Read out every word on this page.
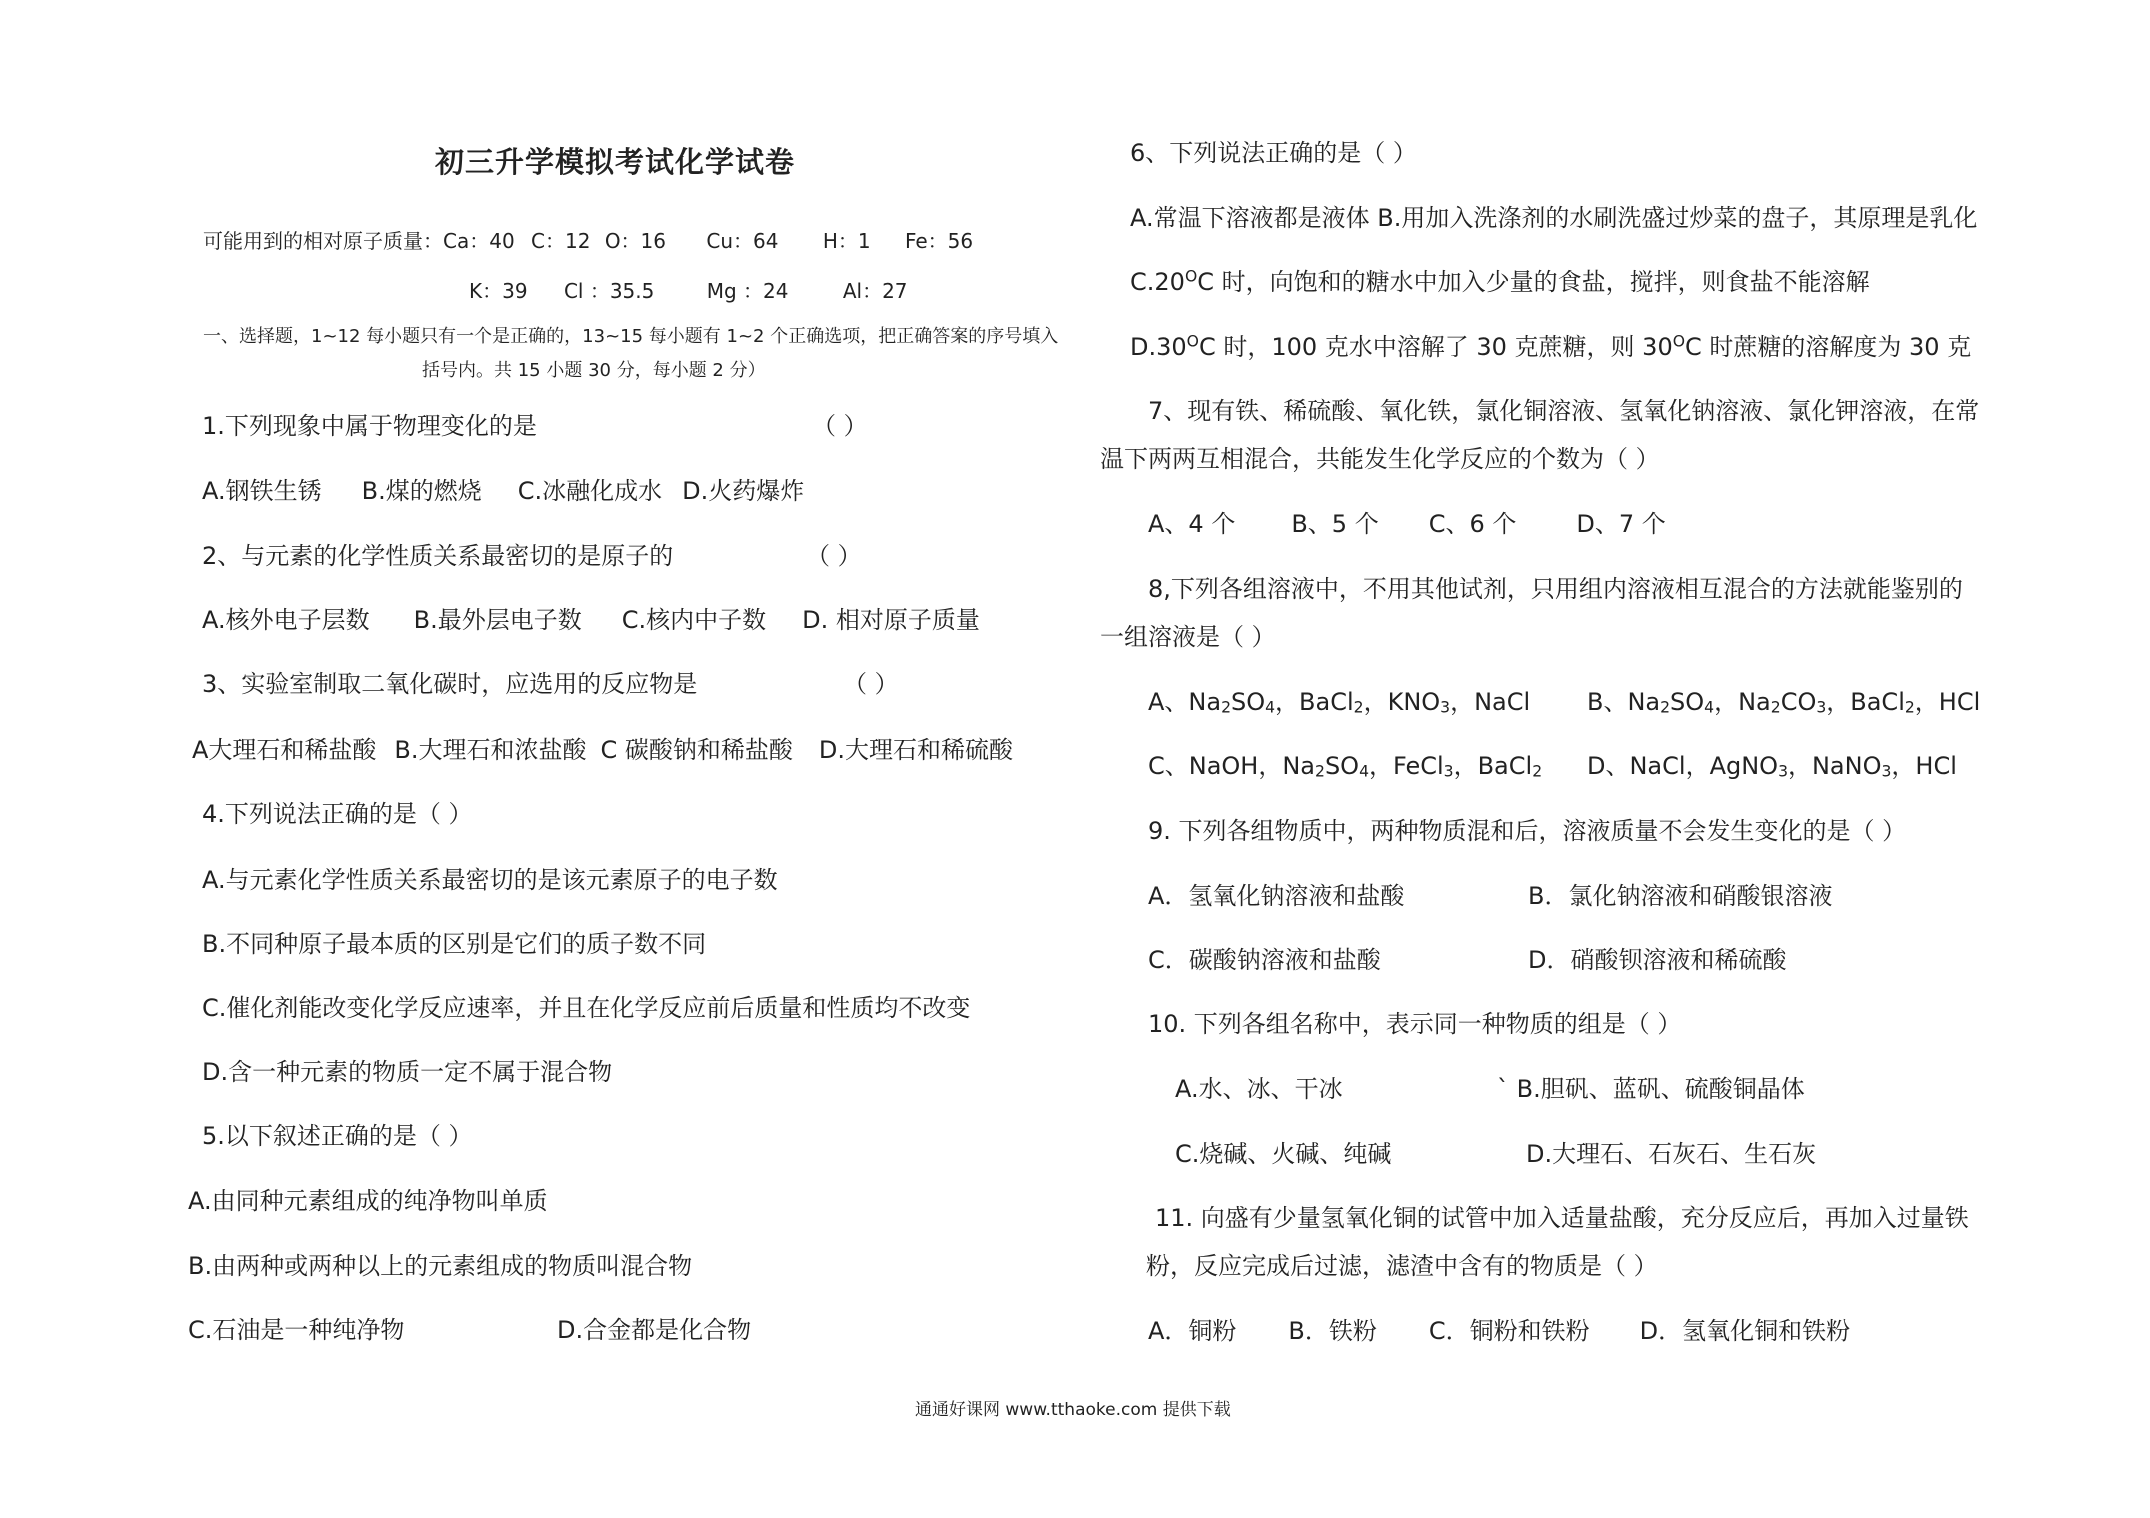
初三升学模拟考试化学试卷
可能用到的相对原子质量：Ca：40 C：12 O：16 Cu：64 H：1 Fe：56
K：39 Cl ：35.5	Mg ：24	Al：27
一、选择题，1~12 每小题只有一个是正确的，13~15 每小题有 1~2 个正确选项，把正确答案的序号填入
括号内。共 15 小题 30 分，每小题 2 分）
1.下列现象中属于物理变化的是	（ ）
A.钢铁生锈 B.煤的燃烧 C.冰融化成水 D.火药爆炸
2、与元素的化学性质关系最密切的是原子的	（ ）
A.核外电子层数 B.最外层电子数 C.核内中子数 D. 相对原子质量
3、实验室制取二氧化碳时，应选用的反应物是	（ ）
A大理石和稀盐酸 B.大理石和浓盐酸 C 碳酸钠和稀盐酸 D.大理石和稀硫酸
4.下列说法正确的是（ ）
A.与元素化学性质关系最密切的是该元素原子的电子数
B.不同种原子最本质的区别是它们的质子数不同
C.催化剂能改变化学反应速率，并且在化学反应前后质量和性质均不改变
D.含一种元素的物质一定不属于混合物
5.以下叙述正确的是（ ）
A.由同种元素组成的纯净物叫单质
B.由两种或两种以上的元素组成的物质叫混合物
C.石油是一种纯净物	D.合金都是化合物
6、下列说法正确的是（ ）
A.常温下溶液都是液体 B.用加入洗涤剂的水刷洗盛过炒菜的盘子，其原理是乳化
$C.20^OC$ 时，向饱和的糖水中加入少量的食盐，搅拌，则食盐不能溶解
$D.30^OC$ 时，100 克水中溶解了 30 克蔗糖，则 $30^OC$ 时蔗糖的溶解度为 30 克
7、现有铁、稀硫酸、氧化铁，氯化铜溶液、氢氧化钠溶液、氯化钾溶液，在常
温下两两互相混合，共能发生化学反应的个数为（ ）
A、4 个 B、5 个 C、6 个	D、7 个
8,下列各组溶液中，不用其他试剂，只用组内溶液相互混合的方法就能鉴别的
一组溶液是（ ）
A、$Na_2SO_4$，BaCl$_2$，$KNO_3$，NaCl B、$Na_2SO_4$，$Na_2CO_3$，BaCl$_2$，HCl
C、NaOH，$Na_2SO_4$，FeCl$_3$，BaCl$_2$ D、NaCl，AgNO$_3$，NaNO$_3$，HCl
9. 下列各组物质中，两种物质混和后，溶液质量不会发生变化的是（ ）
A．氢氧化钠溶液和盐酸	B．氯化钠溶液和硝酸银溶液
C．碳酸钠溶液和盐酸	D．硝酸钡溶液和稀硫酸
10. 下列各组名称中，表示同一种物质的组是（ ）
A.水、冰、干冰	` B.胆矾、蓝矾、硫酸铜晶体
C.烧碱、火碱、纯碱	D.大理石、石灰石、生石灰
11. 向盛有少量氢氧化铜的试管中加入适量盐酸，充分反应后，再加入过量铁
粉，反应完成后过滤，滤渣中含有的物质是（ ）
A．铜粉 B．铁粉 C．铜粉和铁粉 D．氢氧化铜和铁粉
通通好课网 www.tthaoke.com 提供下载
